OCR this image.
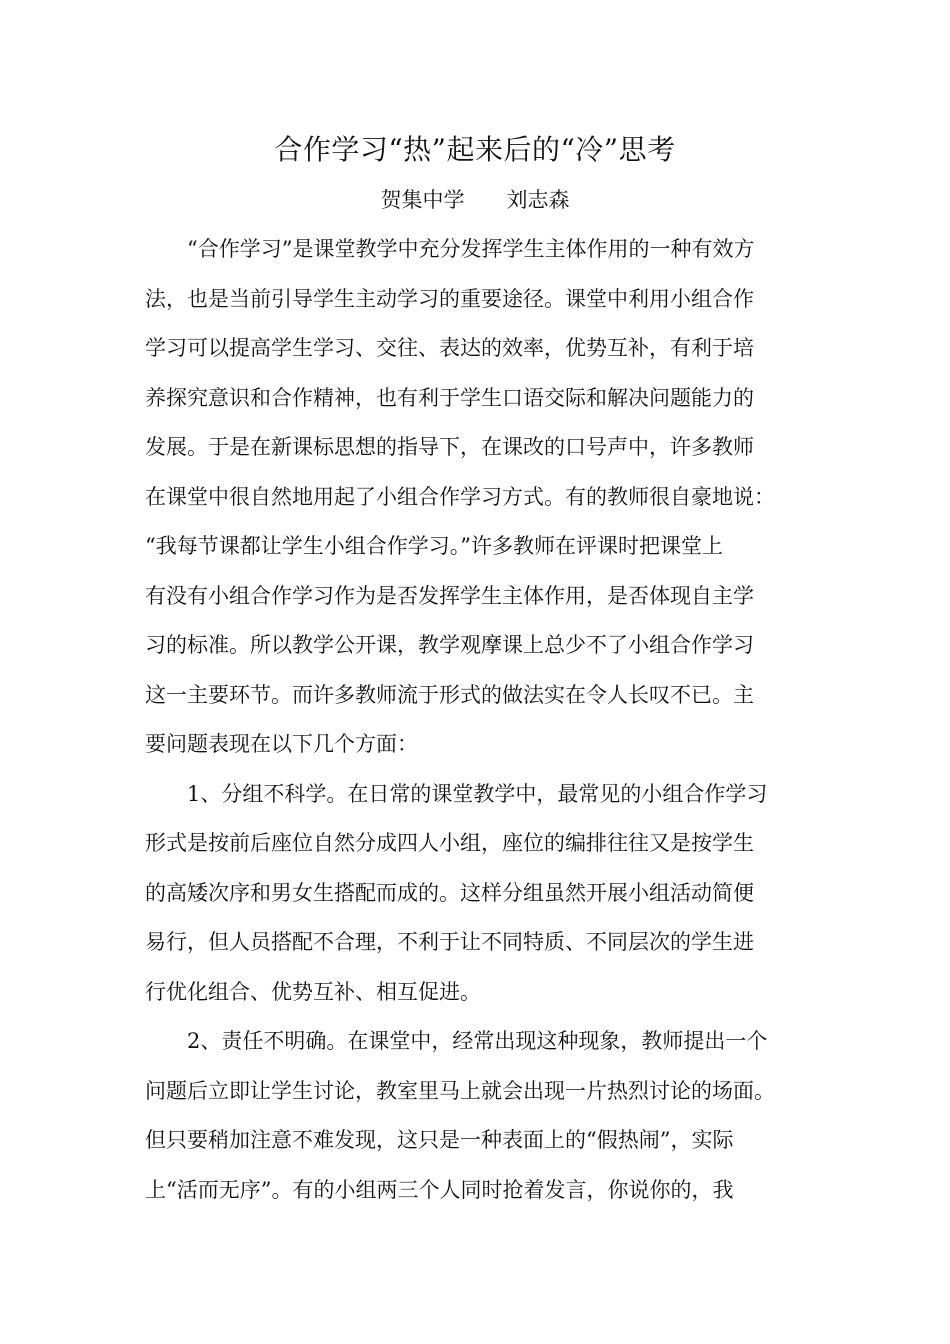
合作学习“热”起来后的“冷”思考
贺集中学　　刘志森
“合作学习”是课堂教学中充分发挥学生主体作用的一种有效方
法，也是当前引导学生主动学习的重要途径。课堂中利用小组合作
学习可以提高学生学习、交往、表达的效率，优势互补，有利于培
养探究意识和合作精神，也有利于学生口语交际和解决问题能力的
发展。于是在新课标思想的指导下，在课改的口号声中，许多教师
在课堂中很自然地用起了小组合作学习方式。有的教师很自豪地说：
“我每节课都让学生小组合作学习。”许多教师在评课时把课堂上
有没有小组合作学习作为是否发挥学生主体作用，是否体现自主学
习的标准。所以教学公开课，教学观摩课上总少不了小组合作学习
这一主要环节。而许多教师流于形式的做法实在令人长叹不已。主
要问题表现在以下几个方面：
1、分组不科学。在日常的课堂教学中，最常见的小组合作学习
形式是按前后座位自然分成四人小组，座位的编排往往又是按学生
的高矮次序和男女生搭配而成的。这样分组虽然开展小组活动简便
易行，但人员搭配不合理，不利于让不同特质、不同层次的学生进
行优化组合、优势互补、相互促进。
2、责任不明确。在课堂中，经常出现这种现象，教师提出一个
问题后立即让学生讨论，教室里马上就会出现一片热烈讨论的场面。
但只要稍加注意不难发现，这只是一种表面上的“假热闹”，实际
上“活而无序”。有的小组两三个人同时抢着发言，你说你的，我
